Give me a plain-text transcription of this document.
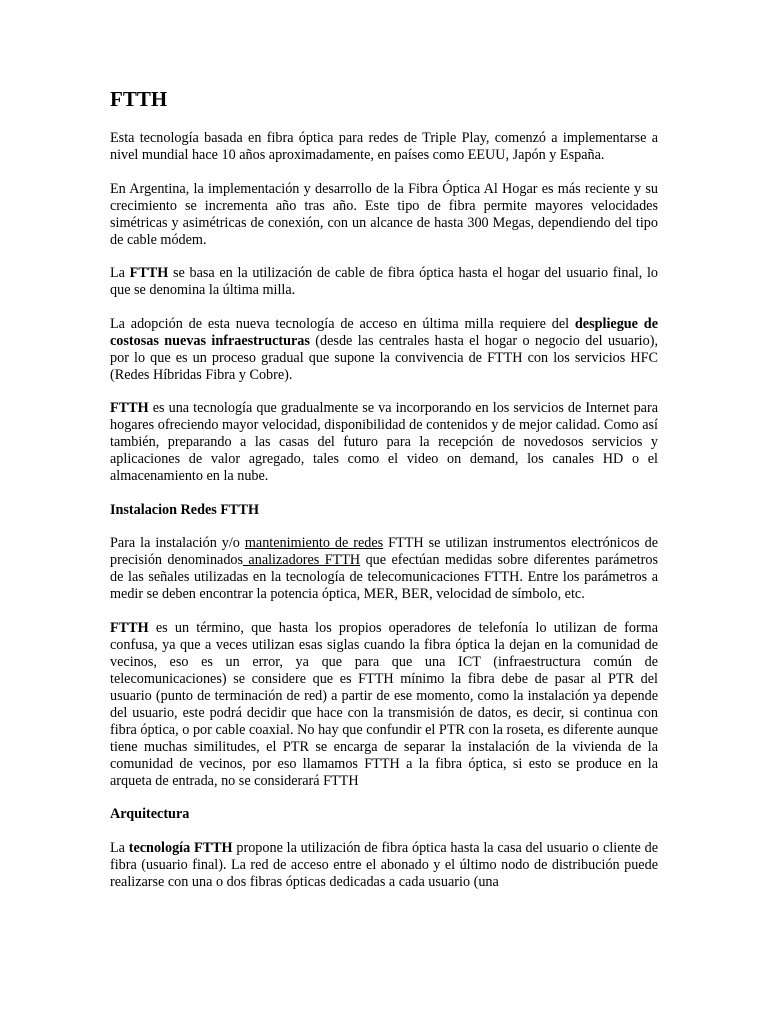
FTTH

Esta tecnología basada en fibra óptica para redes de Triple Play, comenzó a implementarse a nivel mundial hace 10 años aproximadamente, en países como EEUU, Japón y España.

En Argentina, la implementación y desarrollo de la Fibra Óptica Al Hogar es más reciente y su crecimiento se incrementa año tras año. Este tipo de fibra permite mayores velocidades simétricas y asimétricas de conexión, con un alcance de hasta 300 Megas, dependiendo del tipo de cable módem.

La FTTH se basa en la utilización de cable de fibra óptica hasta el hogar del usuario final, lo que se denomina la última milla.

La adopción de esta nueva tecnología de acceso en última milla requiere del despliegue de costosas nuevas infraestructuras (desde las centrales hasta el hogar o negocio del usuario), por lo que es un proceso gradual que supone la convivencia de FTTH con los servicios HFC (Redes Híbridas Fibra y Cobre).

FTTH es una tecnología que gradualmente se va incorporando en los servicios de Internet para hogares ofreciendo mayor velocidad, disponibilidad de contenidos y de mejor calidad. Como así también, preparando a las casas del futuro para la recepción de novedosos servicios y aplicaciones de valor agregado, tales como el video on demand, los canales HD o el almacenamiento en la nube.

Instalacion Redes FTTH

Para la instalación y/o mantenimiento de redes FTTH se utilizan instrumentos electrónicos de precisión denominados analizadores FTTH que efectúan medidas sobre diferentes parámetros de las señales utilizadas en la tecnología de telecomunicaciones FTTH. Entre los parámetros a medir se deben encontrar la potencia óptica, MER, BER, velocidad de símbolo, etc.

FTTH es un término, que hasta los propios operadores de telefonía lo utilizan de forma confusa, ya que a veces utilizan esas siglas cuando la fibra óptica la dejan en la comunidad de vecinos, eso es un error, ya que para que una ICT (infraestructura común de telecomunicaciones) se considere que es FTTH mínimo la fibra debe de pasar al PTR del usuario (punto de terminación de red) a partir de ese momento, como la instalación ya depende del usuario, este podrá decidir que hace con la transmisión de datos, es decir, si continua con fibra óptica, o por cable coaxial. No hay que confundir el PTR con la roseta, es diferente aunque tiene muchas similitudes, el PTR se encarga de separar la instalación de la vivienda de la comunidad de vecinos, por eso llamamos FTTH a la fibra óptica, si esto se produce en la arqueta de entrada, no se considerará FTTH

Arquitectura

La tecnología FTTH propone la utilización de fibra óptica hasta la casa del usuario o cliente de fibra (usuario final). La red de acceso entre el abonado y el último nodo de distribución puede realizarse con una o dos fibras ópticas dedicadas a cada usuario (una
